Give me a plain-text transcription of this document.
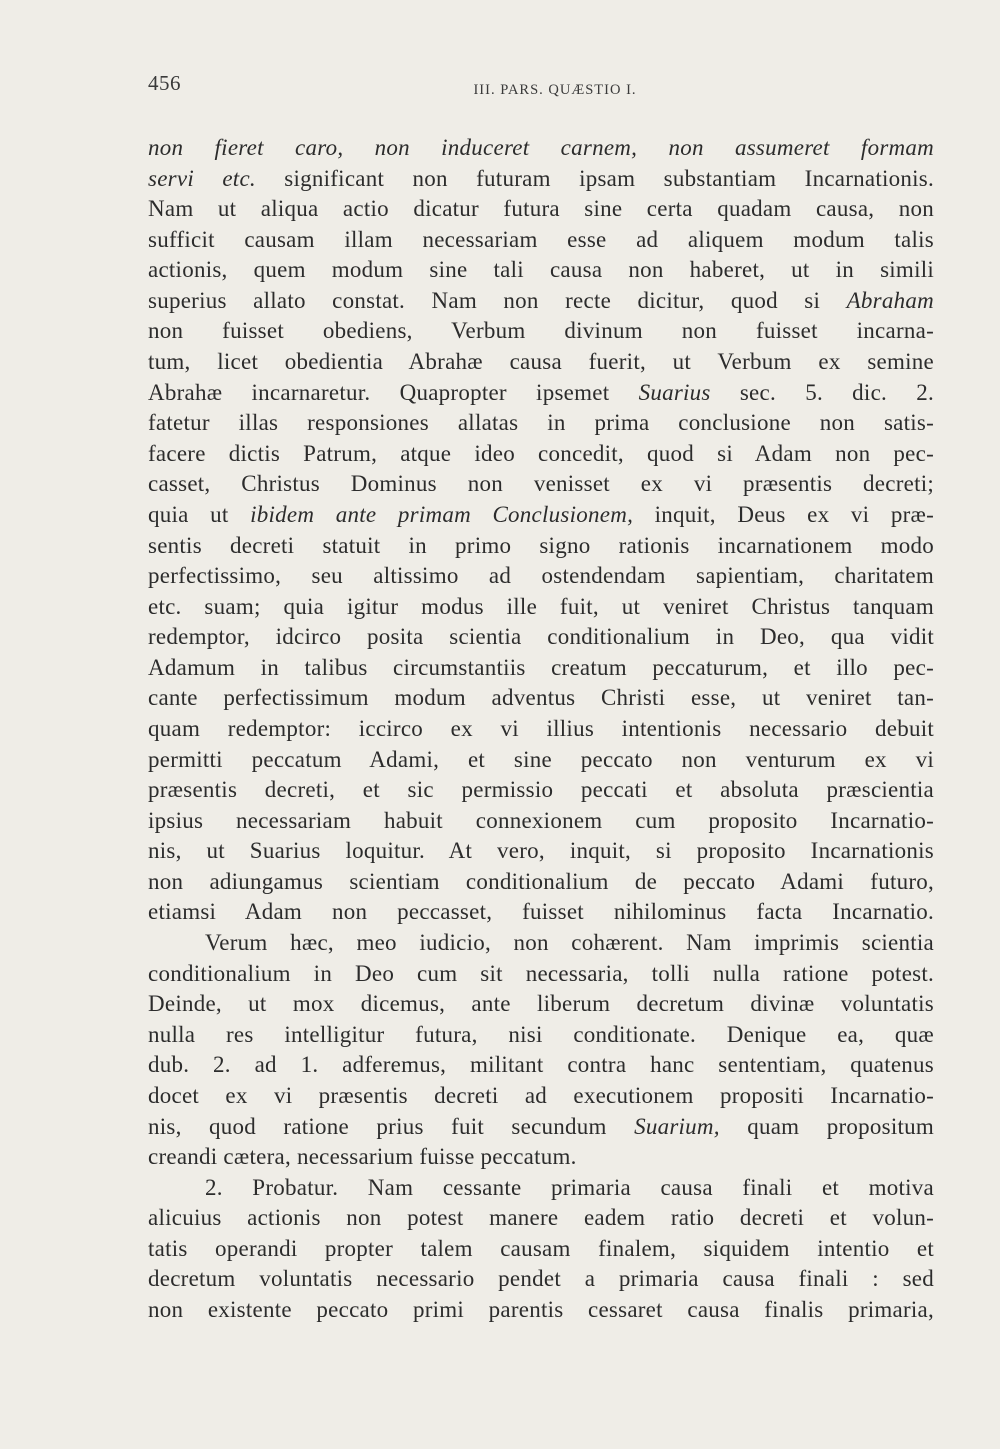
456	III. PARS. QUÆSTIO I.
non fieret caro, non induceret carnem, non assumeret formam
servi etc. significant non futuram ipsam substantiam Incarnationis.
Nam ut aliqua actio dicatur futura sine certa quadam causa, non
sufficit causam illam necessariam esse ad aliquem modum talis
actionis, quem modum sine tali causa non haberet, ut in simili
superius allato constat. Nam non recte dicitur, quod si Abraham
non fuisset obediens, Verbum divinum non fuisset incarna-
tum, licet obedientia Abrahæ causa fuerit, ut Verbum ex semine
Abrahæ incarnaretur. Quapropter ipsemet Suarius sec. 5. dic. 2.
fatetur illas responsiones allatas in prima conclusione non satis-
facere dictis Patrum, atque ideo concedit, quod si Adam non pec-
casset, Christus Dominus non venisset ex vi præsentis decreti;
quia ut ibidem ante primam Conclusionem, inquit, Deus ex vi præ-
sentis decreti statuit in primo signo rationis incarnationem modo
perfectissimo, seu altissimo ad ostendendam sapientiam, charitatem
etc. suam; quia igitur modus ille fuit, ut veniret Christus tanquam
redemptor, idcirco posita scientia conditionalium in Deo, qua vidit
Adamum in talibus circumstantiis creatum peccaturum, et illo pec-
cante perfectissimum modum adventus Christi esse, ut veniret tan-
quam redemptor: iccirco ex vi illius intentionis necessario debuit
permitti peccatum Adami, et sine peccato non venturum ex vi
præsentis decreti, et sic permissio peccati et absoluta præscientia
ipsius necessariam habuit connexionem cum proposito Incarnatio-
nis, ut Suarius loquitur. At vero, inquit, si proposito Incarnationis
non adiungamus scientiam conditionalium de peccato Adami futuro,
etiamsi Adam non peccasset, fuisset nihilominus facta Incarnatio.
Verum hæc, meo iudicio, non cohærent. Nam imprimis scientia
conditionalium in Deo cum sit necessaria, tolli nulla ratione potest.
Deinde, ut mox dicemus, ante liberum decretum divinæ voluntatis
nulla res intelligitur futura, nisi conditionate. Denique ea, quæ
dub. 2. ad 1. adferemus, militant contra hanc sententiam, quatenus
docet ex vi præsentis decreti ad executionem propositi Incarnatio-
nis, quod ratione prius fuit secundum Suarium, quam propositum
creandi cætera, necessarium fuisse peccatum.
2. Probatur. Nam cessante primaria causa finali et motiva
alicuius actionis non potest manere eadem ratio decreti et volun-
tatis operandi propter talem causam finalem, siquidem intentio et
decretum voluntatis necessario pendet a primaria causa finali : sed
non existente peccato primi parentis cessaret causa finalis primaria,
